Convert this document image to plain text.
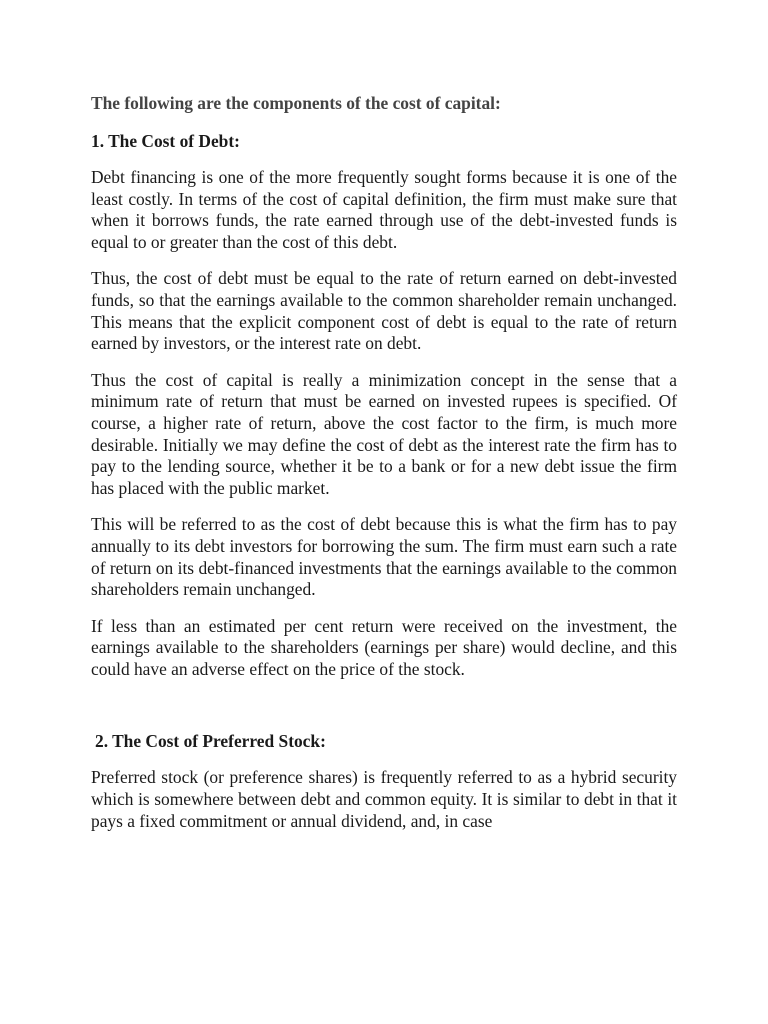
The following are the components of the cost of capital:

1. The Cost of Debt:

Debt financing is one of the more frequently sought forms because it is one of the least costly. In terms of the cost of capital definition, the firm must make sure that when it borrows funds, the rate earned through use of the debt-invested funds is equal to or greater than the cost of this debt.

Thus, the cost of debt must be equal to the rate of return earned on debt-invested funds, so that the earnings available to the common shareholder remain unchanged. This means that the explicit component cost of debt is equal to the rate of return earned by investors, or the interest rate on debt.

Thus the cost of capital is really a minimization concept in the sense that a minimum rate of return that must be earned on invested rupees is specified. Of course, a higher rate of return, above the cost factor to the firm, is much more desirable. Initially we may define the cost of debt as the interest rate the firm has to pay to the lending source, whether it be to a bank or for a new debt issue the firm has placed with the public market.

This will be referred to as the cost of debt because this is what the firm has to pay annually to its debt investors for borrowing the sum. The firm must earn such a rate of return on its debt-financed investments that the earnings available to the common shareholders remain unchanged.

If less than an estimated per cent return were received on the investment, the earnings available to the shareholders (earnings per share) would decline, and this could have an adverse effect on the price of the stock.

2. The Cost of Preferred Stock:

Preferred stock (or preference shares) is frequently referred to as a hybrid security which is somewhere between debt and common equity. It is similar to debt in that it pays a fixed commitment or annual dividend, and, in case
